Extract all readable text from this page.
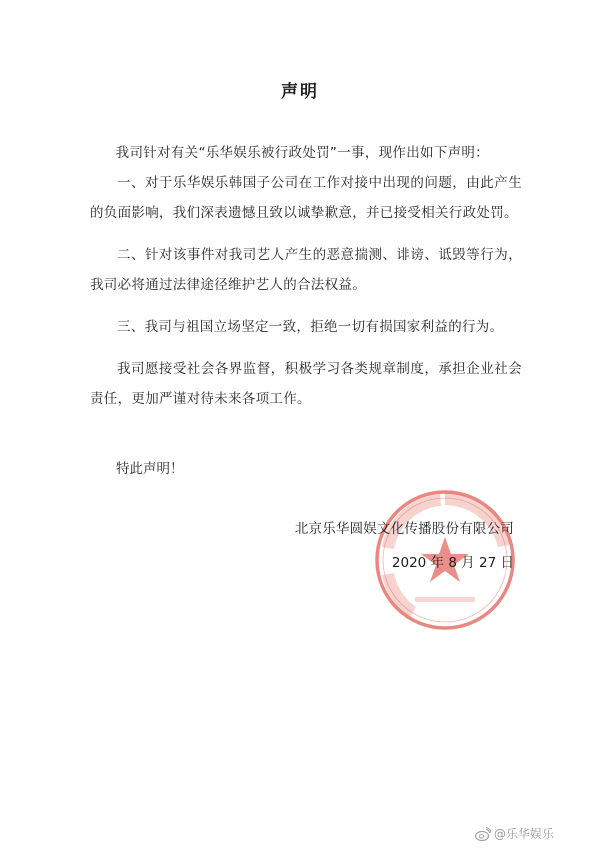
声明

我司针对有关“乐华娱乐被行政处罚”一事，现作出如下声明：

一、对于乐华娱乐韩国子公司在工作对接中出现的问题，由此产生的负面影响，我们深表遗憾且致以诚挚歉意，并已接受相关行政处罚。

二、针对该事件对我司艺人产生的恶意揣测、诽谤、诋毁等行为，我司必将通过法律途径维护艺人的合法权益。

三、我司与祖国立场坚定一致，拒绝一切有损国家利益的行为。

我司愿接受社会各界监督，积极学习各类规章制度，承担企业社会责任，更加严谨对待未来各项工作。

特此声明！
北京乐华圆娱文化传播股份有限公司
2020 年 8 月 27 日
@乐华娱乐
